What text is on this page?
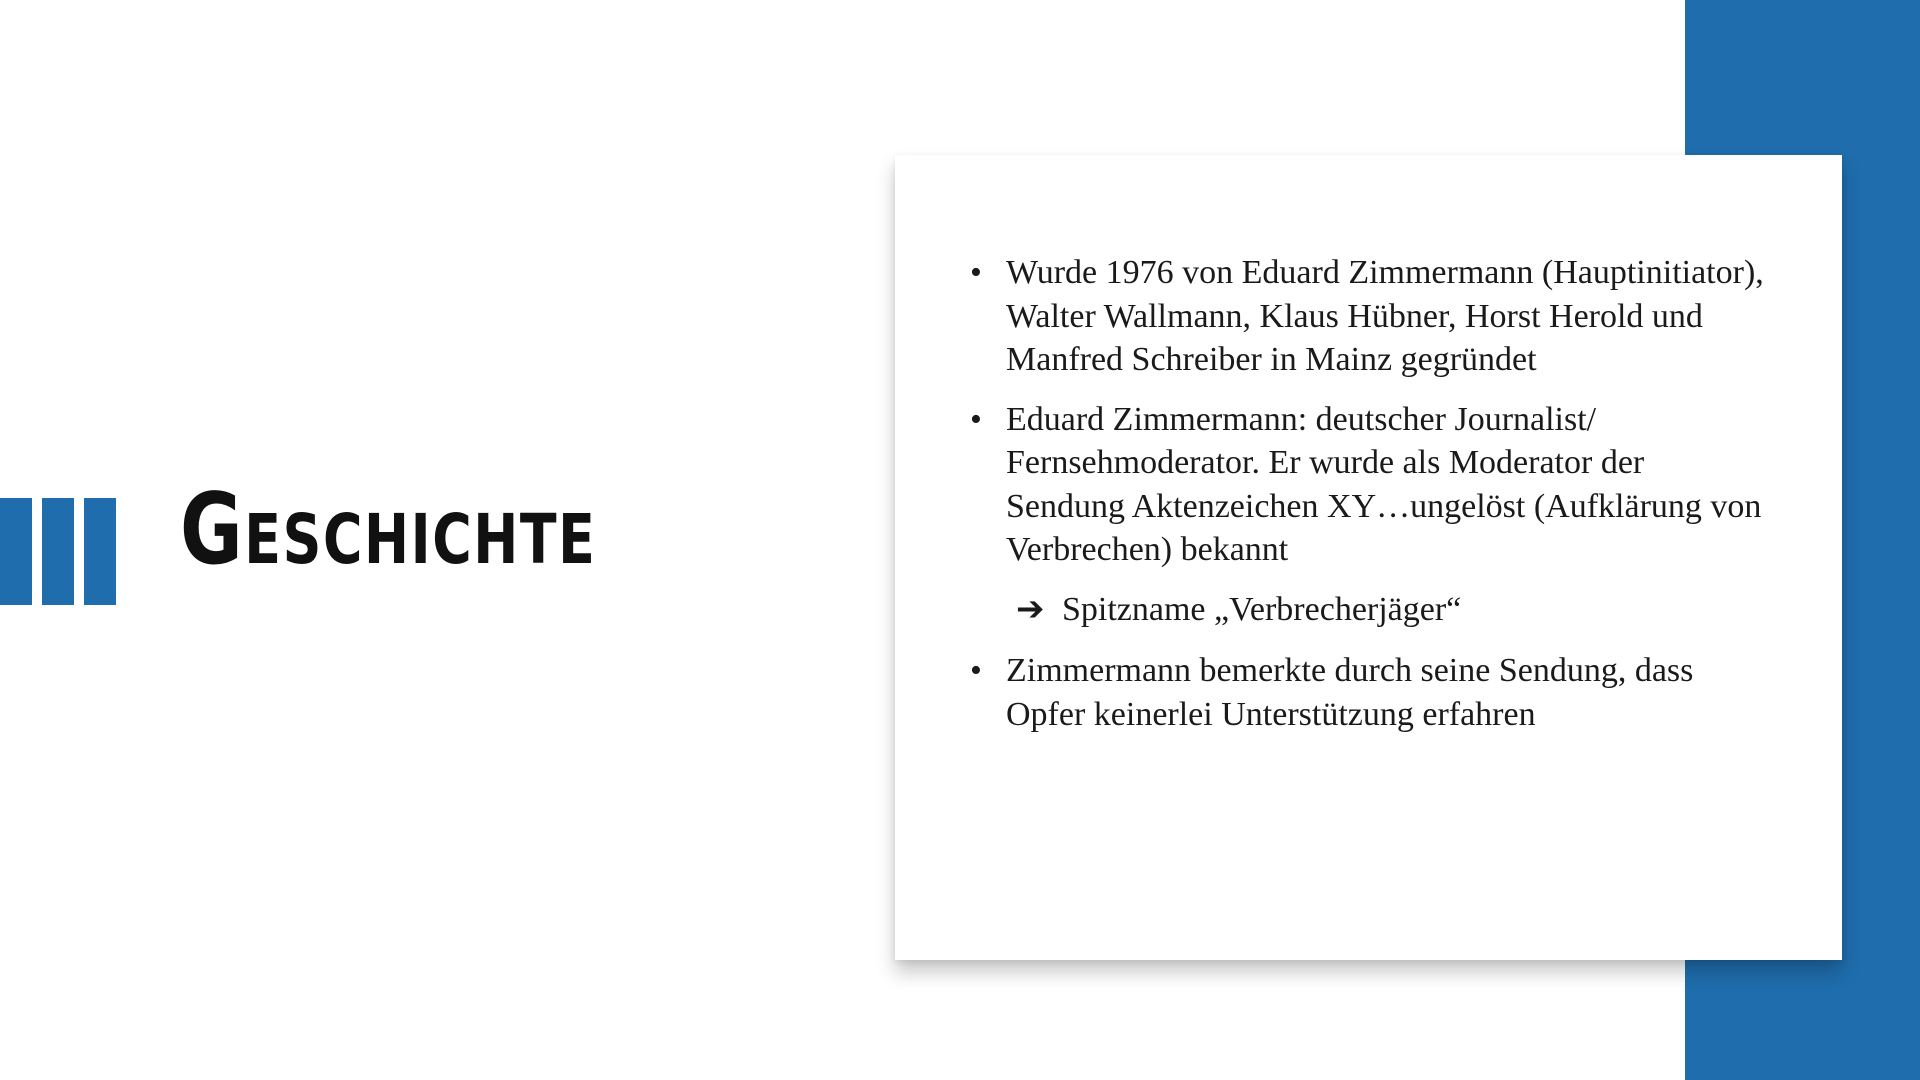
Geschichte
• Wurde 1976 von Eduard Zimmermann (Hauptinitiator), Walter Wallmann, Klaus Hübner, Horst Herold und Manfred Schreiber in Mainz gegründet
• Eduard Zimmermann: deutscher Journalist/ Fernsehmoderator. Er wurde als Moderator der Sendung Aktenzeichen XY…ungelöst (Aufklärung von Verbrechen) bekannt
➔ Spitzname „Verbrecherjäger“
• Zimmermann bemerkte durch seine Sendung, dass Opfer keinerlei Unterstützung erfahren
